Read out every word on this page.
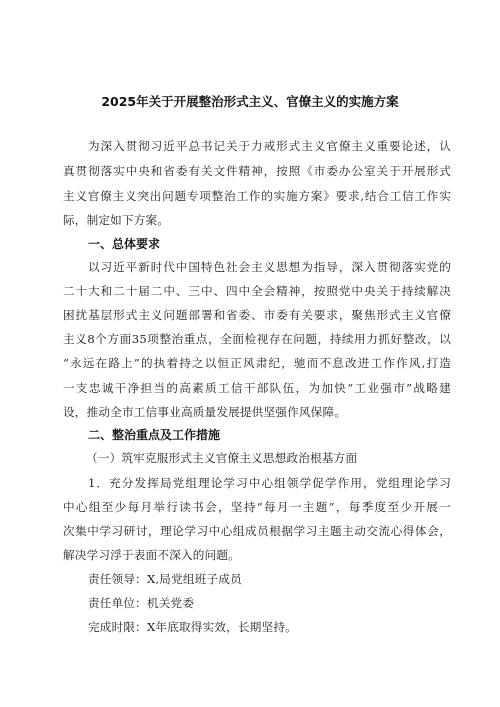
2025年关于开展整治形式主义、官僚主义的实施方案
为深入贯彻习近平总书记关于力戒形式主义官僚主义重要论述，认
真贯彻落实中央和省委有关文件精神，按照《市委办公室关于开展形式
主义官僚主义突出问题专项整治工作的实施方案》要求,结合工信工作实
际，制定如下方案。
一、总体要求
以习近平新时代中国特色社会主义思想为指导，深入贯彻落实党的
二十大和二十届二中、三中、四中全会精神，按照党中央关于持续解决
困扰基层形式主义问题部署和省委、市委有关要求，聚焦形式主义官僚
主义8个方面35项整治重点，全面检视存在问题，持续用力抓好整改，以
“永远在路上”的执着持之以恒正风肃纪，驰而不息改进工作作风,打造
一支忠诚干净担当的高素质工信干部队伍，为加快“工业强市”战略建
设，推动全市工信事业高质量发展提供坚强作风保障。
二、整治重点及工作措施
（一）筑牢克服形式主义官僚主义思想政治根基方面
1．充分发挥局党组理论学习中心组领学促学作用，党组理论学习
中心组至少每月举行读书会，坚持“每月一主题”，每季度至少开展一
次集中学习研讨，理论学习中心组成员根据学习主题主动交流心得体会，
解决学习浮于表面不深入的问题。
责任领导：X,局党组班子成员
责任单位：机关党委
完成时限：X年底取得实效，长期坚持。
